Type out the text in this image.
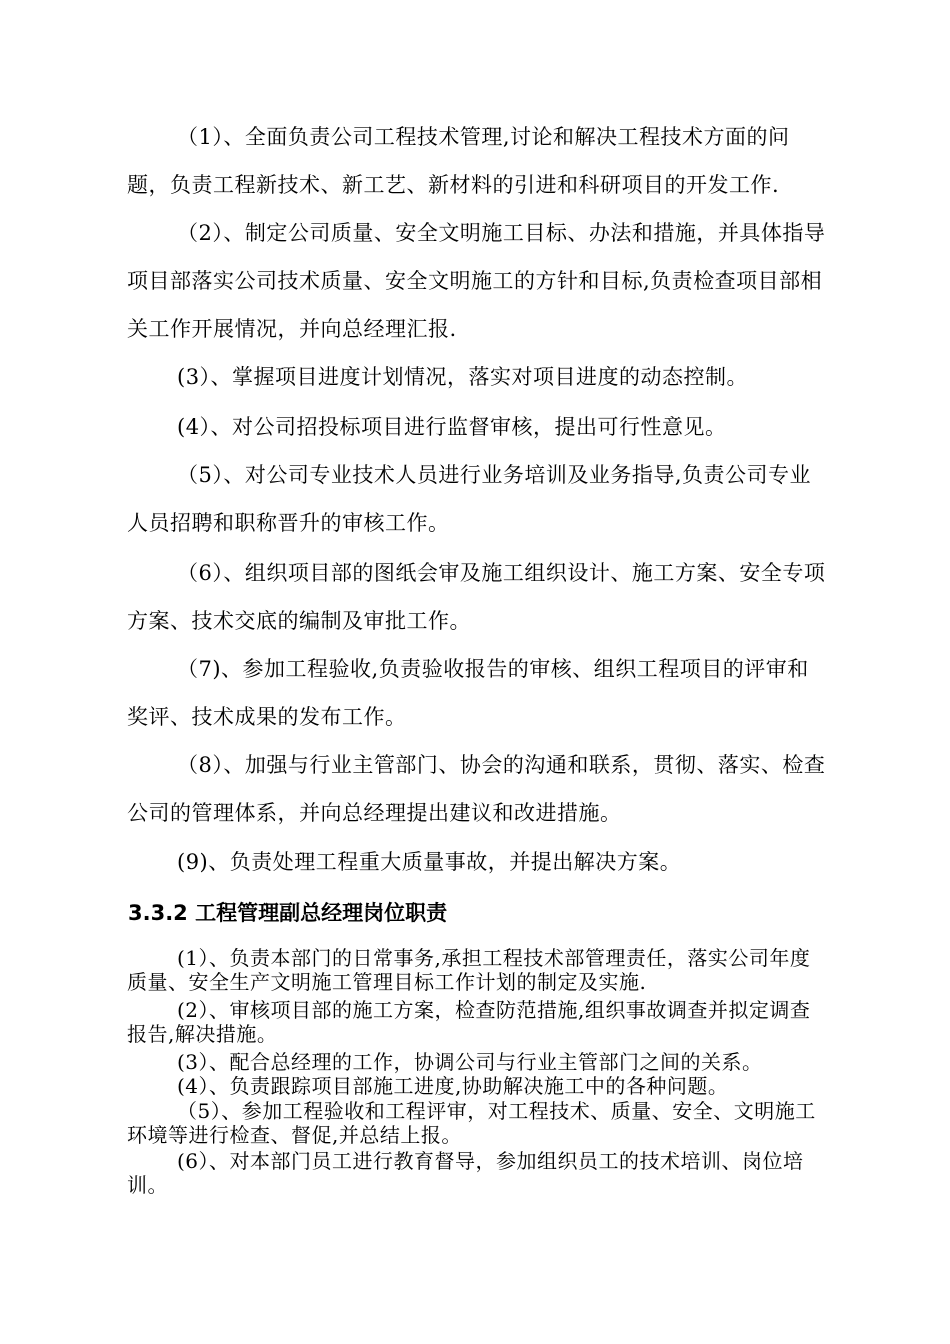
（1）、全面负责公司工程技术管理,讨论和解决工程技术方面的问题，负责工程新技术、新工艺、新材料的引进和科研项目的开发工作.

（2）、制定公司质量、安全文明施工目标、办法和措施，并具体指导项目部落实公司技术质量、安全文明施工的方针和目标,负责检查项目部相关工作开展情况，并向总经理汇报.

(3）、掌握项目进度计划情况，落实对项目进度的动态控制。

(4）、对公司招投标项目进行监督审核，提出可行性意见。

（5）、对公司专业技术人员进行业务培训及业务指导,负责公司专业人员招聘和职称晋升的审核工作。

（6）、组织项目部的图纸会审及施工组织设计、施工方案、安全专项方案、技术交底的编制及审批工作。

（7)、参加工程验收,负责验收报告的审核、组织工程项目的评审和奖评、技术成果的发布工作。

（8）、加强与行业主管部门、协会的沟通和联系，贯彻、落实、检查公司的管理体系，并向总经理提出建议和改进措施。

(9)、负责处理工程重大质量事故，并提出解决方案。

3.3.2 工程管理副总经理岗位职责

(1）、负责本部门的日常事务,承担工程技术部管理责任，落实公司年度质量、安全生产文明施工管理目标工作计划的制定及实施.

(2）、审核项目部的施工方案，检查防范措施,组织事故调查并拟定调查报告,解决措施。

(3）、配合总经理的工作，协调公司与行业主管部门之间的关系。

(4）、负责跟踪项目部施工进度,协助解决施工中的各种问题。

（5）、参加工程验收和工程评审，对工程技术、质量、安全、文明施工环境等进行检查、督促,并总结上报。

(6）、对本部门员工进行教育督导，参加组织员工的技术培训、岗位培训。
